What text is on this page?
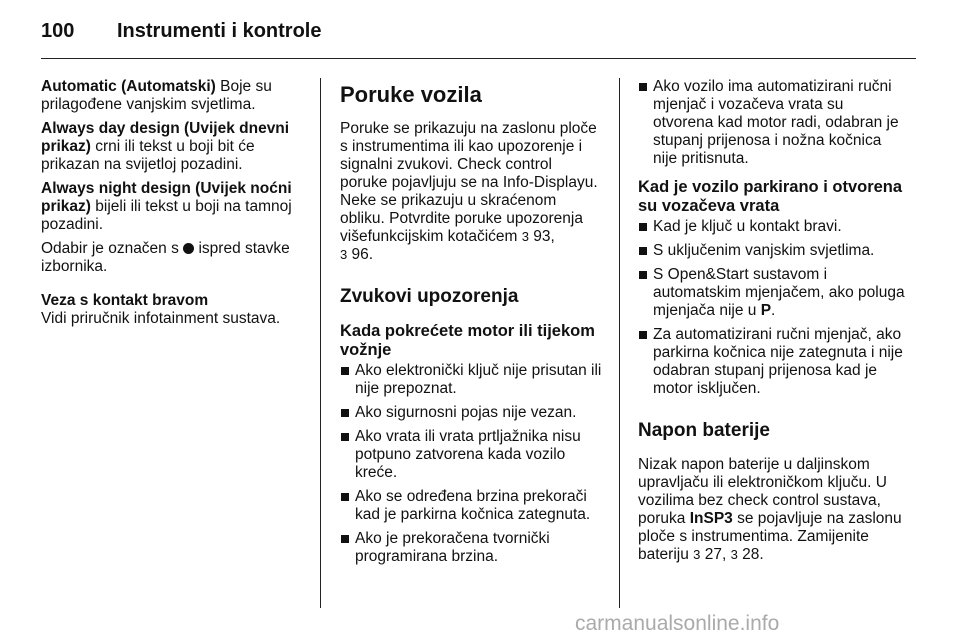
100 Instrumenti i kontrole

Automatic (Automatski) Boje su prilagođene vanjskim svjetlima.

Always day design (Uvijek dnevni prikaz) crni ili tekst u boji bit će prikazan na svijetloj pozadini.

Always night design (Uvijek noćni prikaz) bijeli ili tekst u boji na tamnoj pozadini.

Odabir je označen s  ispred stavke izbornika.

Veza s kontakt bravom

Vidi priručnik infotainment sustava.

Poruke vozila

Poruke se prikazuju na zaslonu ploče s instrumentima ili kao upozorenje i signalni zvukovi. Check control poruke pojavljuju se na Info-Displayu. Neke se prikazuju u skraćenom obliku. Potvrdite poruke upozorenja višefunkcijskim kotačićem 3 93,
3 96.

Zvukovi upozorenja
Kada pokrećete motor ili tijekom vožnje
Ako elektronički ključ nije prisutan ili nije prepoznat.
Ako sigurnosni pojas nije vezan.
Ako vrata ili vrata prtljažnika nisu potpuno zatvorena kada vozilo kreće.
Ako se određena brzina prekorači kad je parkirna kočnica zategnuta.
Ako je prekoračena tvornički programirana brzina.
Ako vozilo ima automatizirani ručni mjenjač i vozačeva vrata su otvorena kad motor radi, odabran je stupanj prijenosa i nožna kočnica nije pritisnuta.
Kad je vozilo parkirano i otvorena su vozačeva vrata
Kad je ključ u kontakt bravi.
S uključenim vanjskim svjetlima.
S Open&Start sustavom i automatskim mjenjačem, ako poluga mjenjača nije u P.
Za automatizirani ručni mjenjač, ako parkirna kočnica nije zategnuta i nije odabran stupanj prijenosa kad je motor isključen.
Napon baterije

Nizak napon baterije u daljinskom upravljaču ili elektroničkom ključu. U vozilima bez check control sustava, poruka InSP3 se pojavljuje na zaslonu ploče s instrumentima. Zamijenite bateriju 3 27, 3 28.

carmanualsonline.info
